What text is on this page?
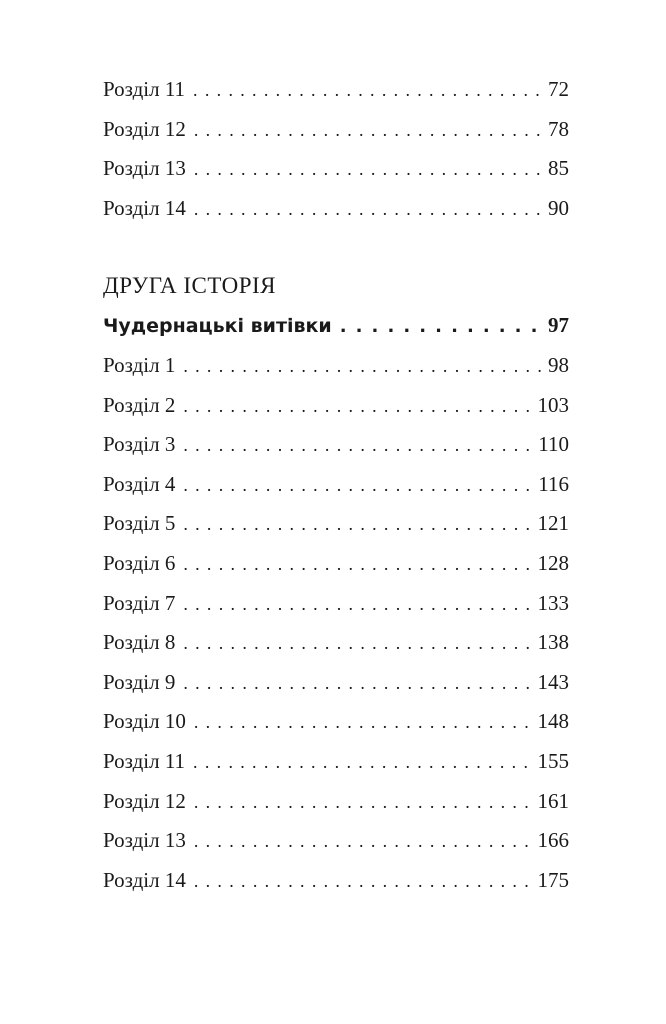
Розділ 11 . . .	72
Розділ 12 . . .	78
Розділ 13 . . .	85
Розділ 14 . . .	90
ДРУГА ІСТОРІЯ
Чудернацькі витівки . . .	97
Розділ 1 . . .	98
Розділ 2 . . .	103
Розділ 3 . . .	110
Розділ 4 . . .	116
Розділ 5 . . .	121
Розділ 6 . . .	128
Розділ 7 . . .	133
Розділ 8 . . .	138
Розділ 9 . . .	143
Розділ 10 . . .	148
Розділ 11 . . .	155
Розділ 12 . . .	161
Розділ 13 . . .	166
Розділ 14 . . .	175
